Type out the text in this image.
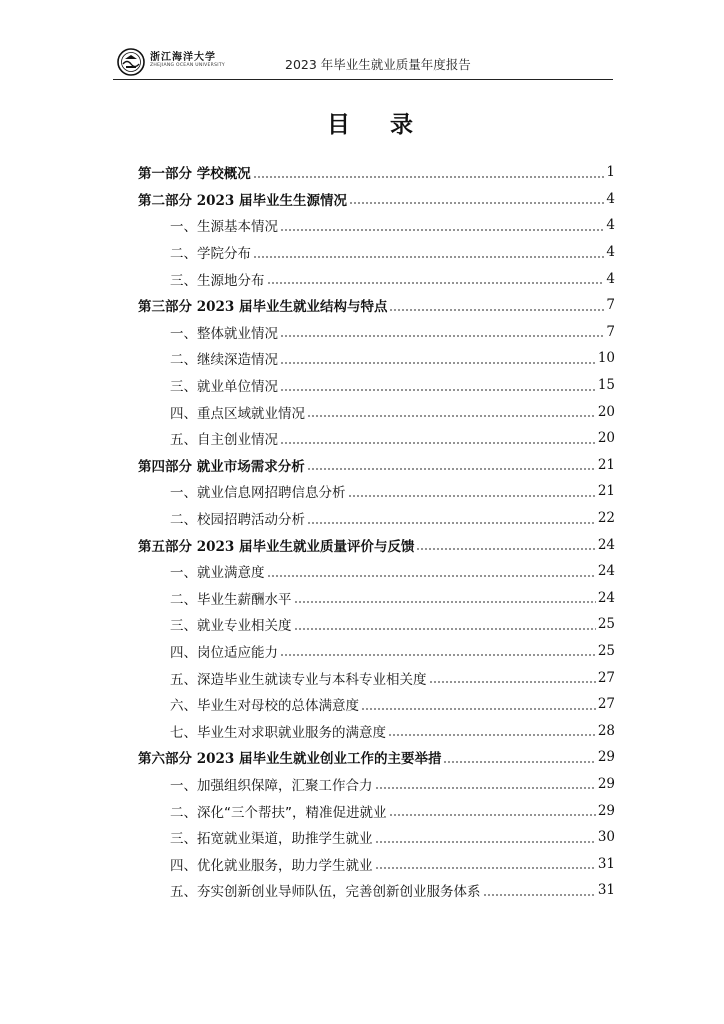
浙江海洋大学
ZHEJIANG OCEAN UNIVERSITY	2023 年毕业生就业质量年度报告
目 录
第一部分 学校概况	1
第二部分 2023 届毕业生生源情况	4
一、生源基本情况	4
二、学院分布	4
三、生源地分布	4
第三部分 2023 届毕业生就业结构与特点	7
一、整体就业情况	7
二、继续深造情况	10
三、就业单位情况	15
四、重点区域就业情况	20
五、自主创业情况	20
第四部分 就业市场需求分析	21
一、就业信息网招聘信息分析	21
二、校园招聘活动分析	22
第五部分 2023 届毕业生就业质量评价与反馈	24
一、就业满意度	24
二、毕业生薪酬水平	24
三、就业专业相关度	25
四、岗位适应能力	25
五、深造毕业生就读专业与本科专业相关度	27
六、毕业生对母校的总体满意度	27
七、毕业生对求职就业服务的满意度	28
第六部分 2023 届毕业生就业创业工作的主要举措	29
一、加强组织保障，汇聚工作合力	29
二、深化“三个帮扶”，精准促进就业	29
三、拓宽就业渠道，助推学生就业	30
四、优化就业服务，助力学生就业	31
五、夯实创新创业导师队伍，完善创新创业服务体系	31
